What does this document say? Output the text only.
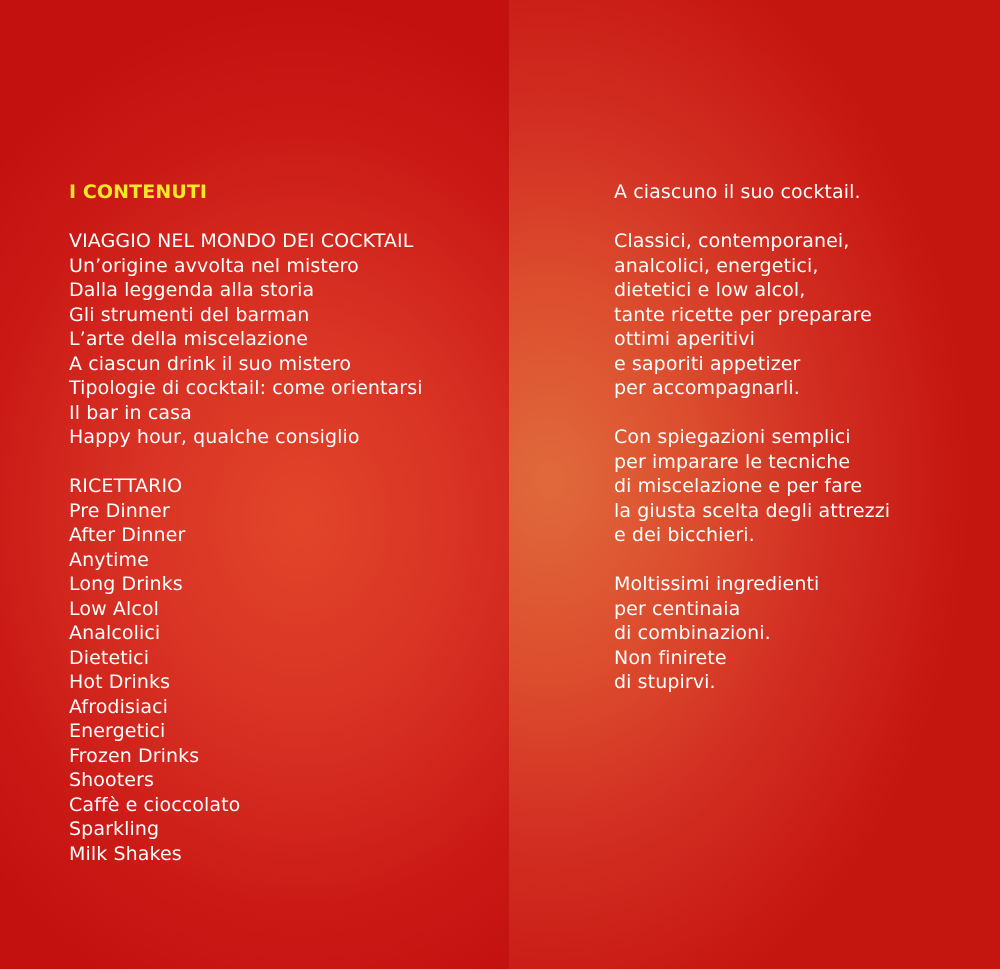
I CONTENUTI
VIAGGIO NEL MONDO DEI COCKTAIL
Un’origine avvolta nel mistero
Dalla leggenda alla storia
Gli strumenti del barman
L’arte della miscelazione
A ciascun drink il suo mistero
Tipologie di cocktail: come orientarsi
Il bar in casa
Happy hour, qualche consiglio
RICETTARIO
Pre Dinner
After Dinner
Anytime
Long Drinks
Low Alcol
Analcolici
Dietetici
Hot Drinks
Afrodisiaci
Energetici
Frozen Drinks
Shooters
Caffè e cioccolato
Sparkling
Milk Shakes
A ciascuno il suo cocktail.
Classici, contemporanei,
analcolici, energetici,
dietetici e low alcol,
tante ricette per preparare
ottimi aperitivi
e saporiti appetizer
per accompagnarli.
Con spiegazioni semplici
per imparare le tecniche
di miscelazione e per fare
la giusta scelta degli attrezzi
e dei bicchieri.
Moltissimi ingredienti
per centinaia
di combinazioni.
Non finirete
di stupirvi.
